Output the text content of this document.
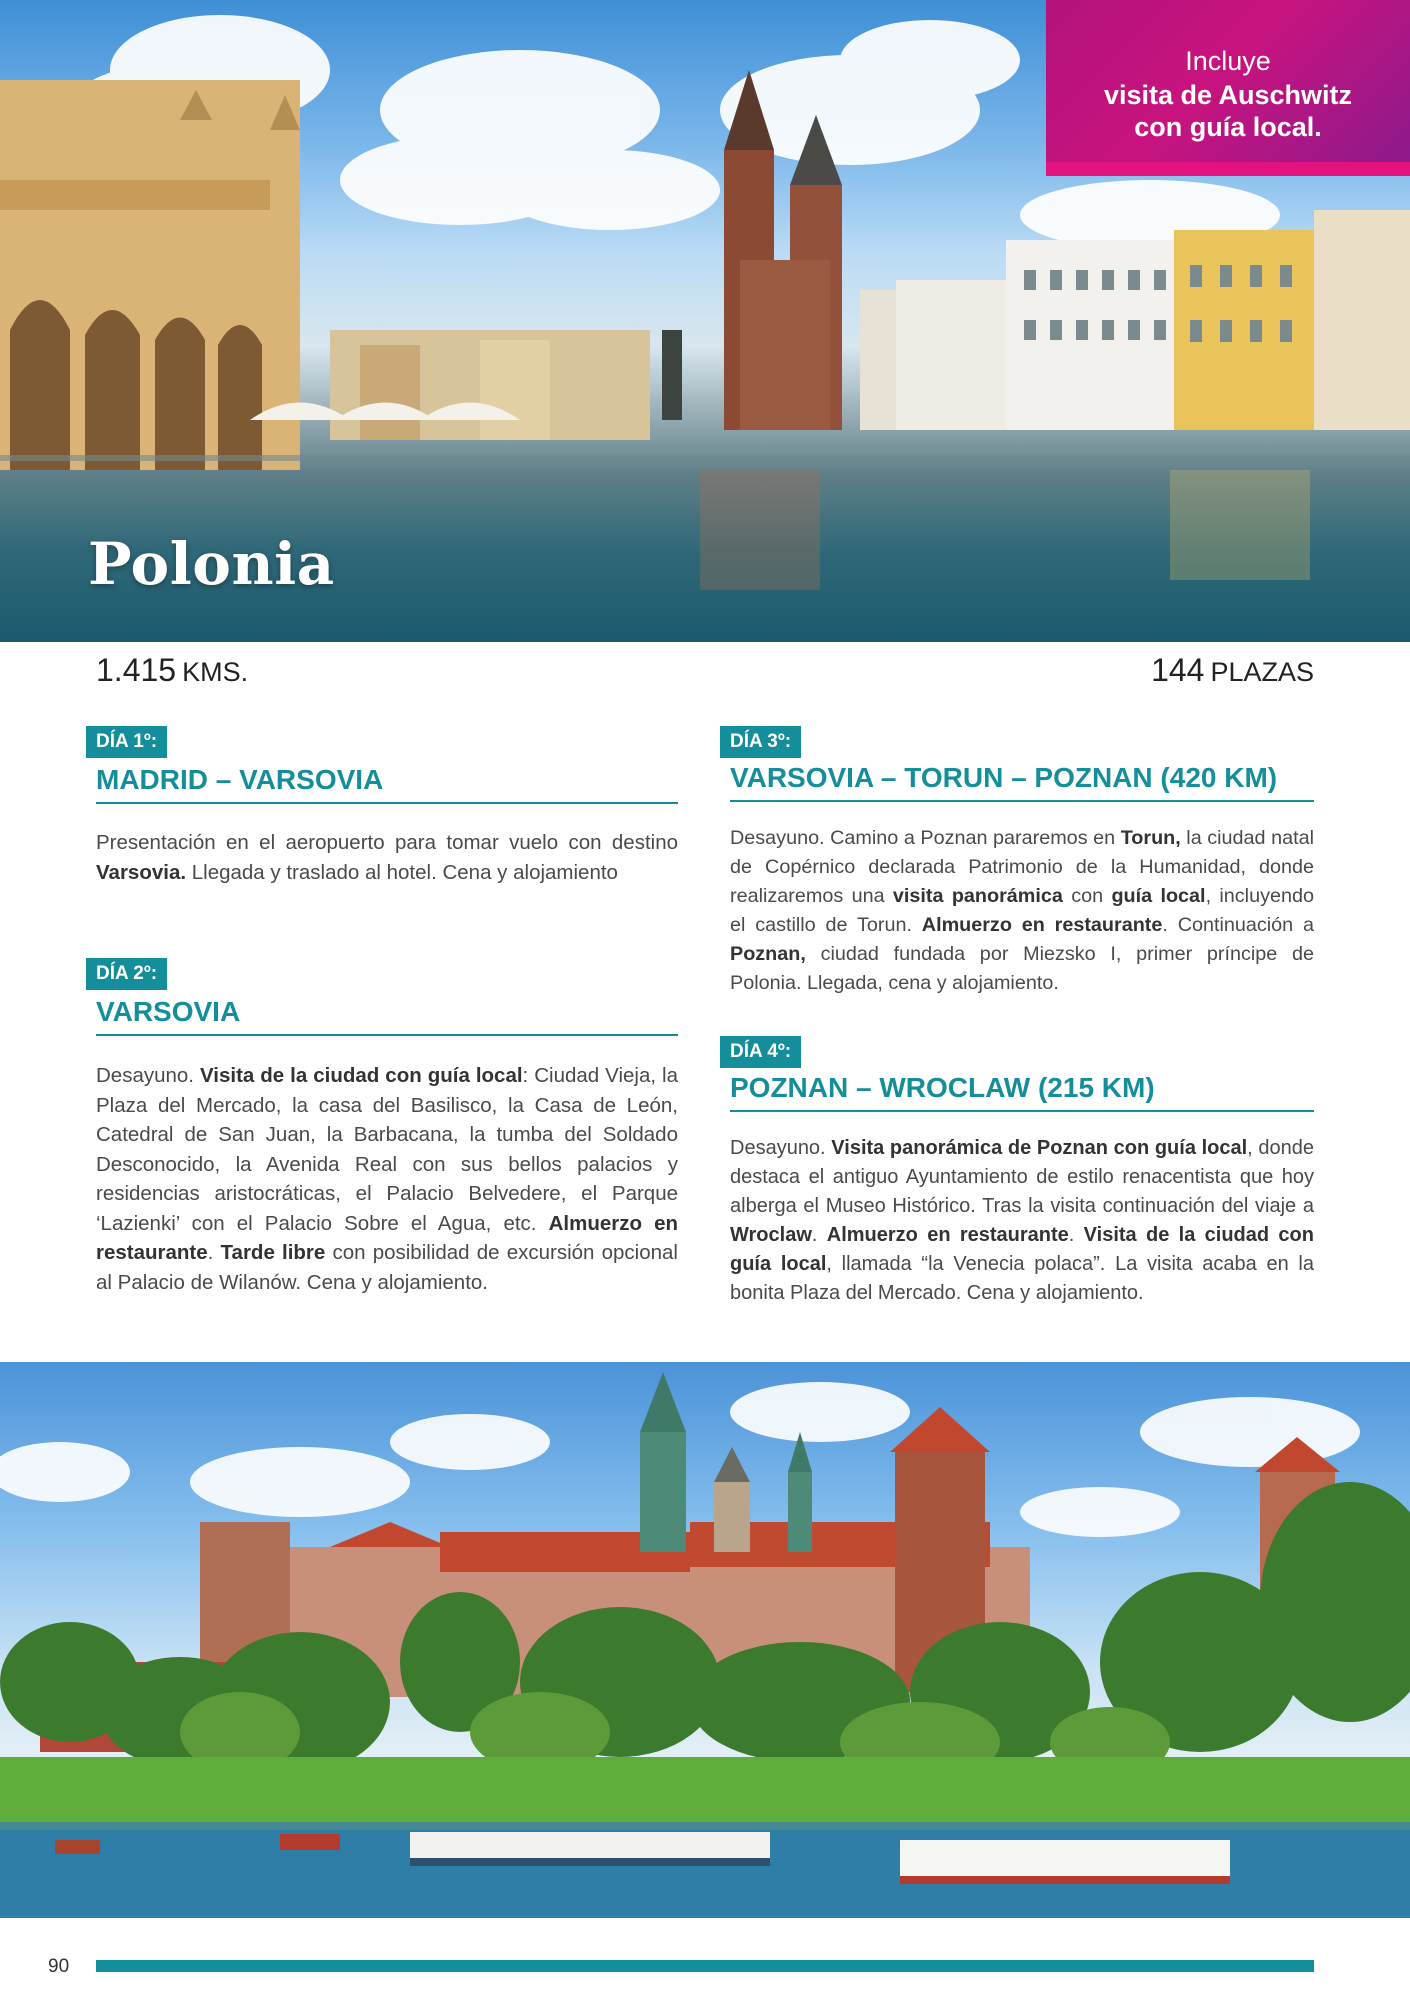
Polonia
Incluye
visita de Auschwitz
con guía local.
1.415 KMS.	144 PLAZAS
DÍA 1º:
MADRID – VARSOVIA

Presentación en el aeropuerto para tomar vuelo con destino Varsovia. Llegada y traslado al hotel. Cena y alojamiento

DÍA 2º:
VARSOVIA

Desayuno. Visita de la ciudad con guía local: Ciudad Vieja, la Plaza del Mercado, la casa del Basilisco, la Casa de León, Catedral de San Juan, la Barbacana, la tumba del Soldado Desconocido, la Avenida Real con sus bellos palacios y residencias aristocráticas, el Palacio Belvedere, el Parque ‘Lazienki’ con el Palacio Sobre el Agua, etc. Almuerzo en restaurante. Tarde libre con posibilidad de excursión opcional al Palacio de Wilanów. Cena y alojamiento.

DÍA 3º:
VARSOVIA – TORUN – POZNAN (420 KM)

Desayuno. Camino a Poznan pararemos en Torun, la ciudad natal de Copérnico declarada Patrimonio de la Humanidad, donde realizaremos una visita panorámica con guía local, incluyendo el castillo de Torun. Almuerzo en restaurante. Continuación a Poznan, ciudad fundada por Miezsko I, primer príncipe de Polonia. Llegada, cena y alojamiento.

DÍA 4º:
POZNAN – WROCLAW (215 KM)

Desayuno. Visita panorámica de Poznan con guía local, donde destaca el antiguo Ayuntamiento de estilo renacentista que hoy alberga el Museo Histórico. Tras la visita continuación del viaje a Wroclaw. Almuerzo en restaurante. Visita de la ciudad con guía local, llamada “la Venecia polaca”. La visita acaba en la bonita Plaza del Mercado. Cena y alojamiento.

90
